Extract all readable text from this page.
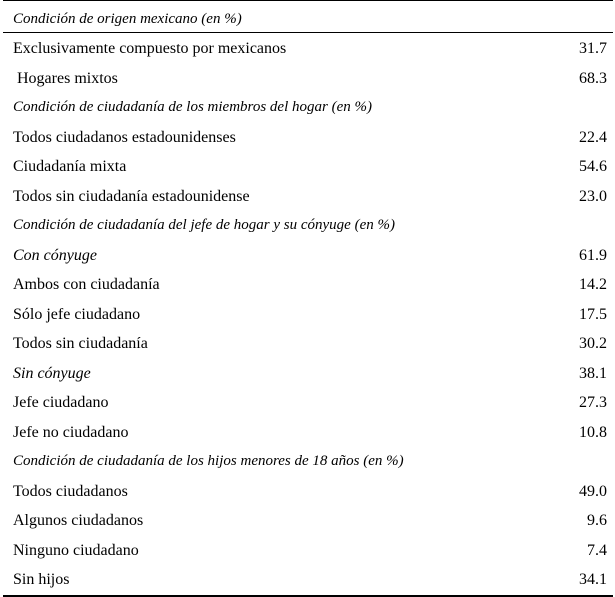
Condición de origen mexicano (en %)
Exclusivamente compuesto por mexicanos	31.7
Hogares mixtos	68.3
Condición de ciudadanía de los miembros del hogar (en %)
Todos ciudadanos estadounidenses	22.4
Ciudadanía mixta	54.6
Todos sin ciudadanía estadounidense	23.0
Condición de ciudadanía del jefe de hogar y su cónyuge (en %)
Con cónyuge	61.9
Ambos con ciudadanía	14.2
Sólo jefe ciudadano	17.5
Todos sin ciudadanía	30.2
Sin cónyuge	38.1
Jefe ciudadano	27.3
Jefe no ciudadano	10.8
Condición de ciudadanía de los hijos menores de 18 años (en %)
Todos ciudadanos	49.0
Algunos ciudadanos	9.6
Ninguno ciudadano	7.4
Sin hijos	34.1
